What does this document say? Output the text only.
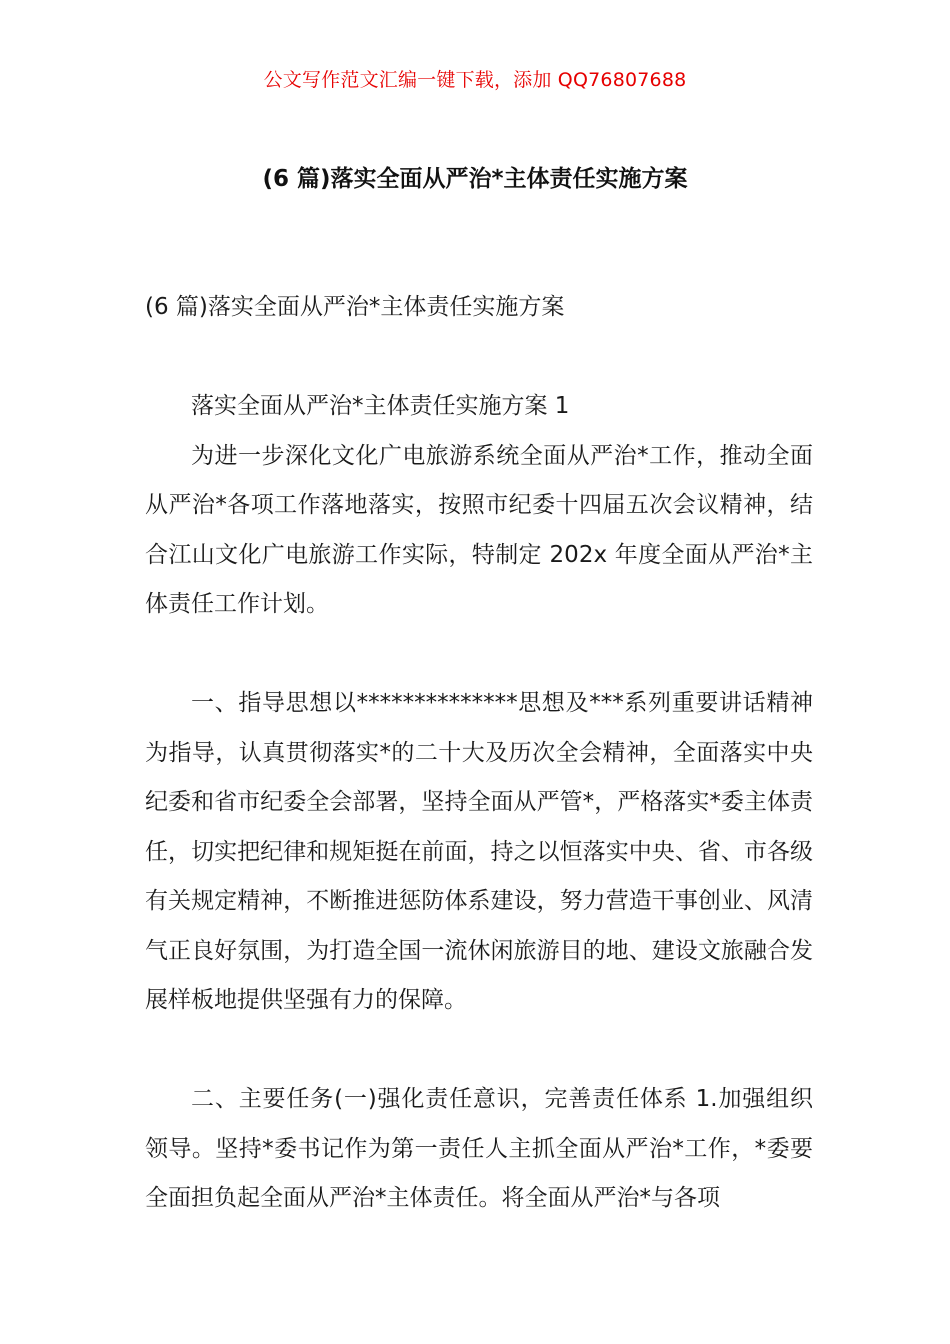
公文写作范文汇编一键下载，添加 QQ76807688
(6 篇)落实全面从严治*主体责任实施方案

(6 篇)落实全面从严治*主体责任实施方案

落实全面从严治*主体责任实施方案 1

为进一步深化文化广电旅游系统全面从严治*工作，推动全面从严治*各项工作落地落实，按照市纪委十四届五次会议精神，结合江山文化广电旅游工作实际，特制定 202x 年度全面从严治*主体责任工作计划。

一、指导思想以**************思想及***系列重要讲话精神为指导，认真贯彻落实*的二十大及历次全会精神，全面落实中央纪委和省市纪委全会部署，坚持全面从严管*，严格落实*委主体责任，切实把纪律和规矩挺在前面，持之以恒落实中央、省、市各级有关规定精神，不断推进惩防体系建设，努力营造干事创业、风清气正良好氛围，为打造全国一流休闲旅游目的地、建设文旅融合发展样板地提供坚强有力的保障。

二、主要任务(一)强化责任意识，完善责任体系 1.加强组织领导。坚持*委书记作为第一责任人主抓全面从严治*工作，*委要全面担负起全面从严治*主体责任。将全面从严治*与各项
